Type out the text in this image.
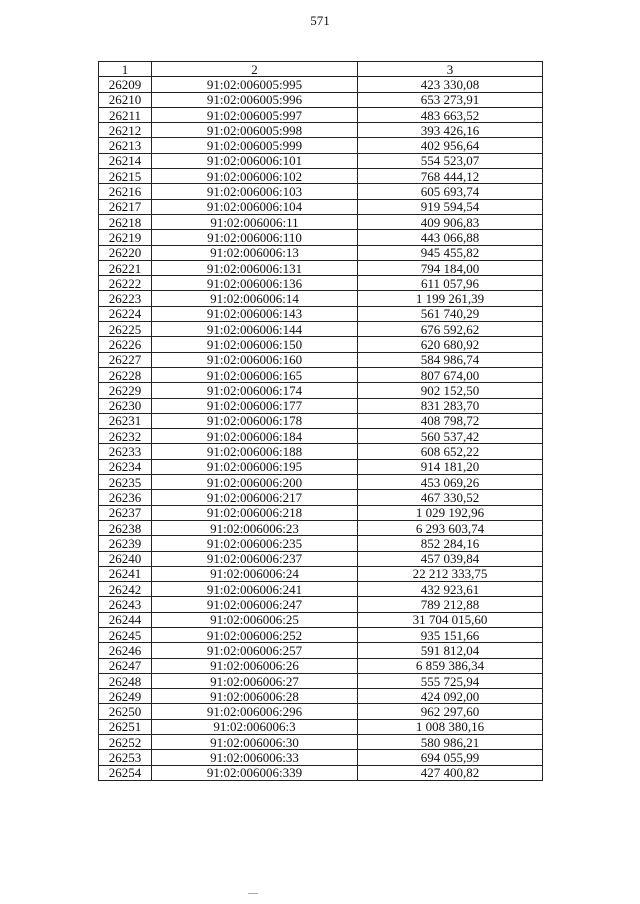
571
1	2	3
26209	91:02:006005:995	423 330,08
26210	91:02:006005:996	653 273,91
26211	91:02:006005:997	483 663,52
26212	91:02:006005:998	393 426,16
26213	91:02:006005:999	402 956,64
26214	91:02:006006:101	554 523,07
26215	91:02:006006:102	768 444,12
26216	91:02:006006:103	605 693,74
26217	91:02:006006:104	919 594,54
26218	91:02:006006:11	409 906,83
26219	91:02:006006:110	443 066,88
26220	91:02:006006:13	945 455,82
26221	91:02:006006:131	794 184,00
26222	91:02:006006:136	611 057,96
26223	91:02:006006:14	1 199 261,39
26224	91:02:006006:143	561 740,29
26225	91:02:006006:144	676 592,62
26226	91:02:006006:150	620 680,92
26227	91:02:006006:160	584 986,74
26228	91:02:006006:165	807 674,00
26229	91:02:006006:174	902 152,50
26230	91:02:006006:177	831 283,70
26231	91:02:006006:178	408 798,72
26232	91:02:006006:184	560 537,42
26233	91:02:006006:188	608 652,22
26234	91:02:006006:195	914 181,20
26235	91:02:006006:200	453 069,26
26236	91:02:006006:217	467 330,52
26237	91:02:006006:218	1 029 192,96
26238	91:02:006006:23	6 293 603,74
26239	91:02:006006:235	852 284,16
26240	91:02:006006:237	457 039,84
26241	91:02:006006:24	22 212 333,75
26242	91:02:006006:241	432 923,61
26243	91:02:006006:247	789 212,88
26244	91:02:006006:25	31 704 015,60
26245	91:02:006006:252	935 151,66
26246	91:02:006006:257	591 812,04
26247	91:02:006006:26	6 859 386,34
26248	91:02:006006:27	555 725,94
26249	91:02:006006:28	424 092,00
26250	91:02:006006:296	962 297,60
26251	91:02:006006:3	1 008 380,16
26252	91:02:006006:30	580 986,21
26253	91:02:006006:33	694 055,99
26254	91:02:006006:339	427 400,82
